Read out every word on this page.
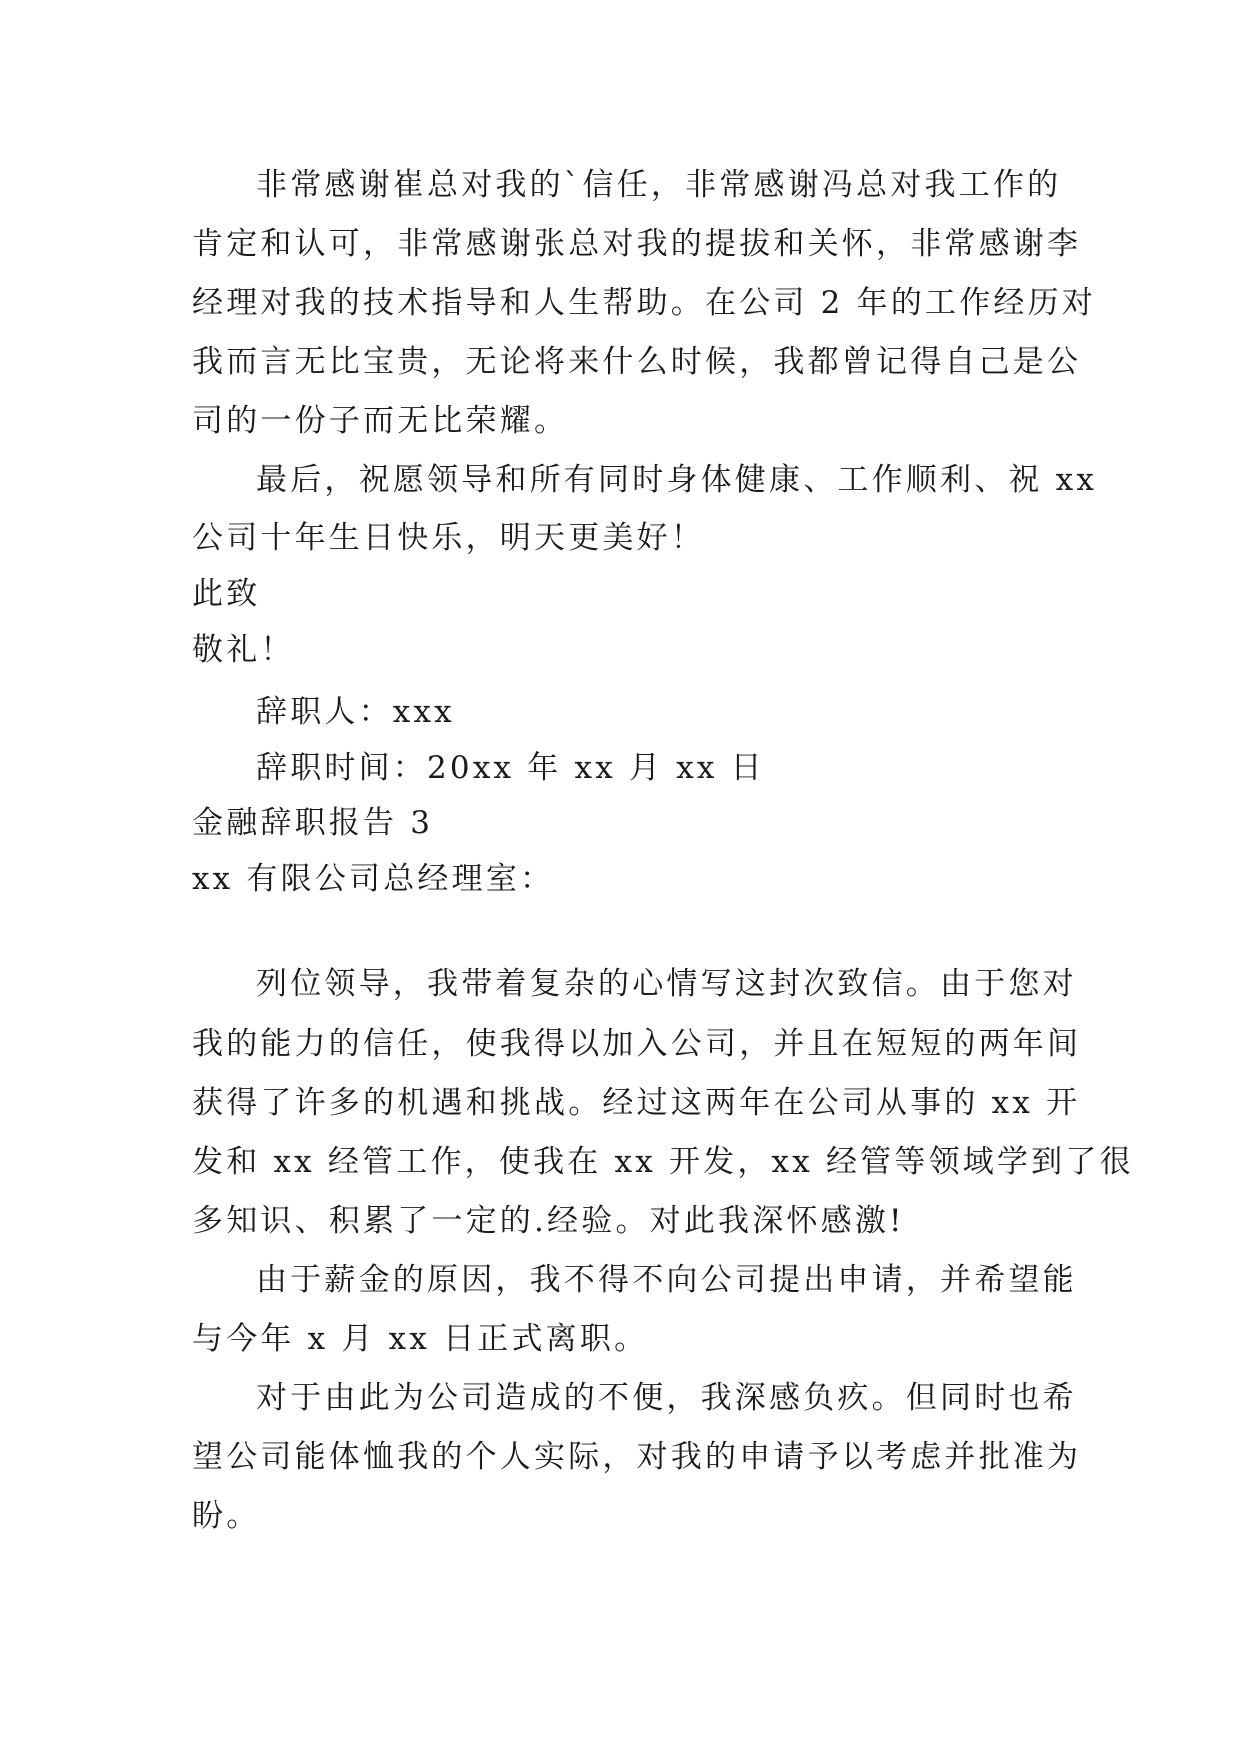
非常感谢崔总对我的`信任，非常感谢冯总对我工作的
肯定和认可，非常感谢张总对我的提拔和关怀，非常感谢李
经理对我的技术指导和人生帮助。在公司 2 年的工作经历对
我而言无比宝贵，无论将来什么时候，我都曾记得自己是公
司的一份子而无比荣耀。
最后，祝愿领导和所有同时身体健康、工作顺利、祝 xx
公司十年生日快乐，明天更美好！
此致
敬礼！
辞职人：xxx
辞职时间：20xx 年 xx 月 xx 日
金融辞职报告 3
xx 有限公司总经理室：
列位领导，我带着复杂的心情写这封次致信。由于您对
我的能力的信任，使我得以加入公司，并且在短短的两年间
获得了许多的机遇和挑战。经过这两年在公司从事的 xx 开
发和 xx 经管工作，使我在 xx 开发，xx 经管等领域学到了很
多知识、积累了一定的.经验。对此我深怀感激!
由于薪金的原因，我不得不向公司提出申请，并希望能
与今年 x 月 xx 日正式离职。
对于由此为公司造成的不便，我深感负疚。但同时也希
望公司能体恤我的个人实际，对我的申请予以考虑并批准为
盼。
